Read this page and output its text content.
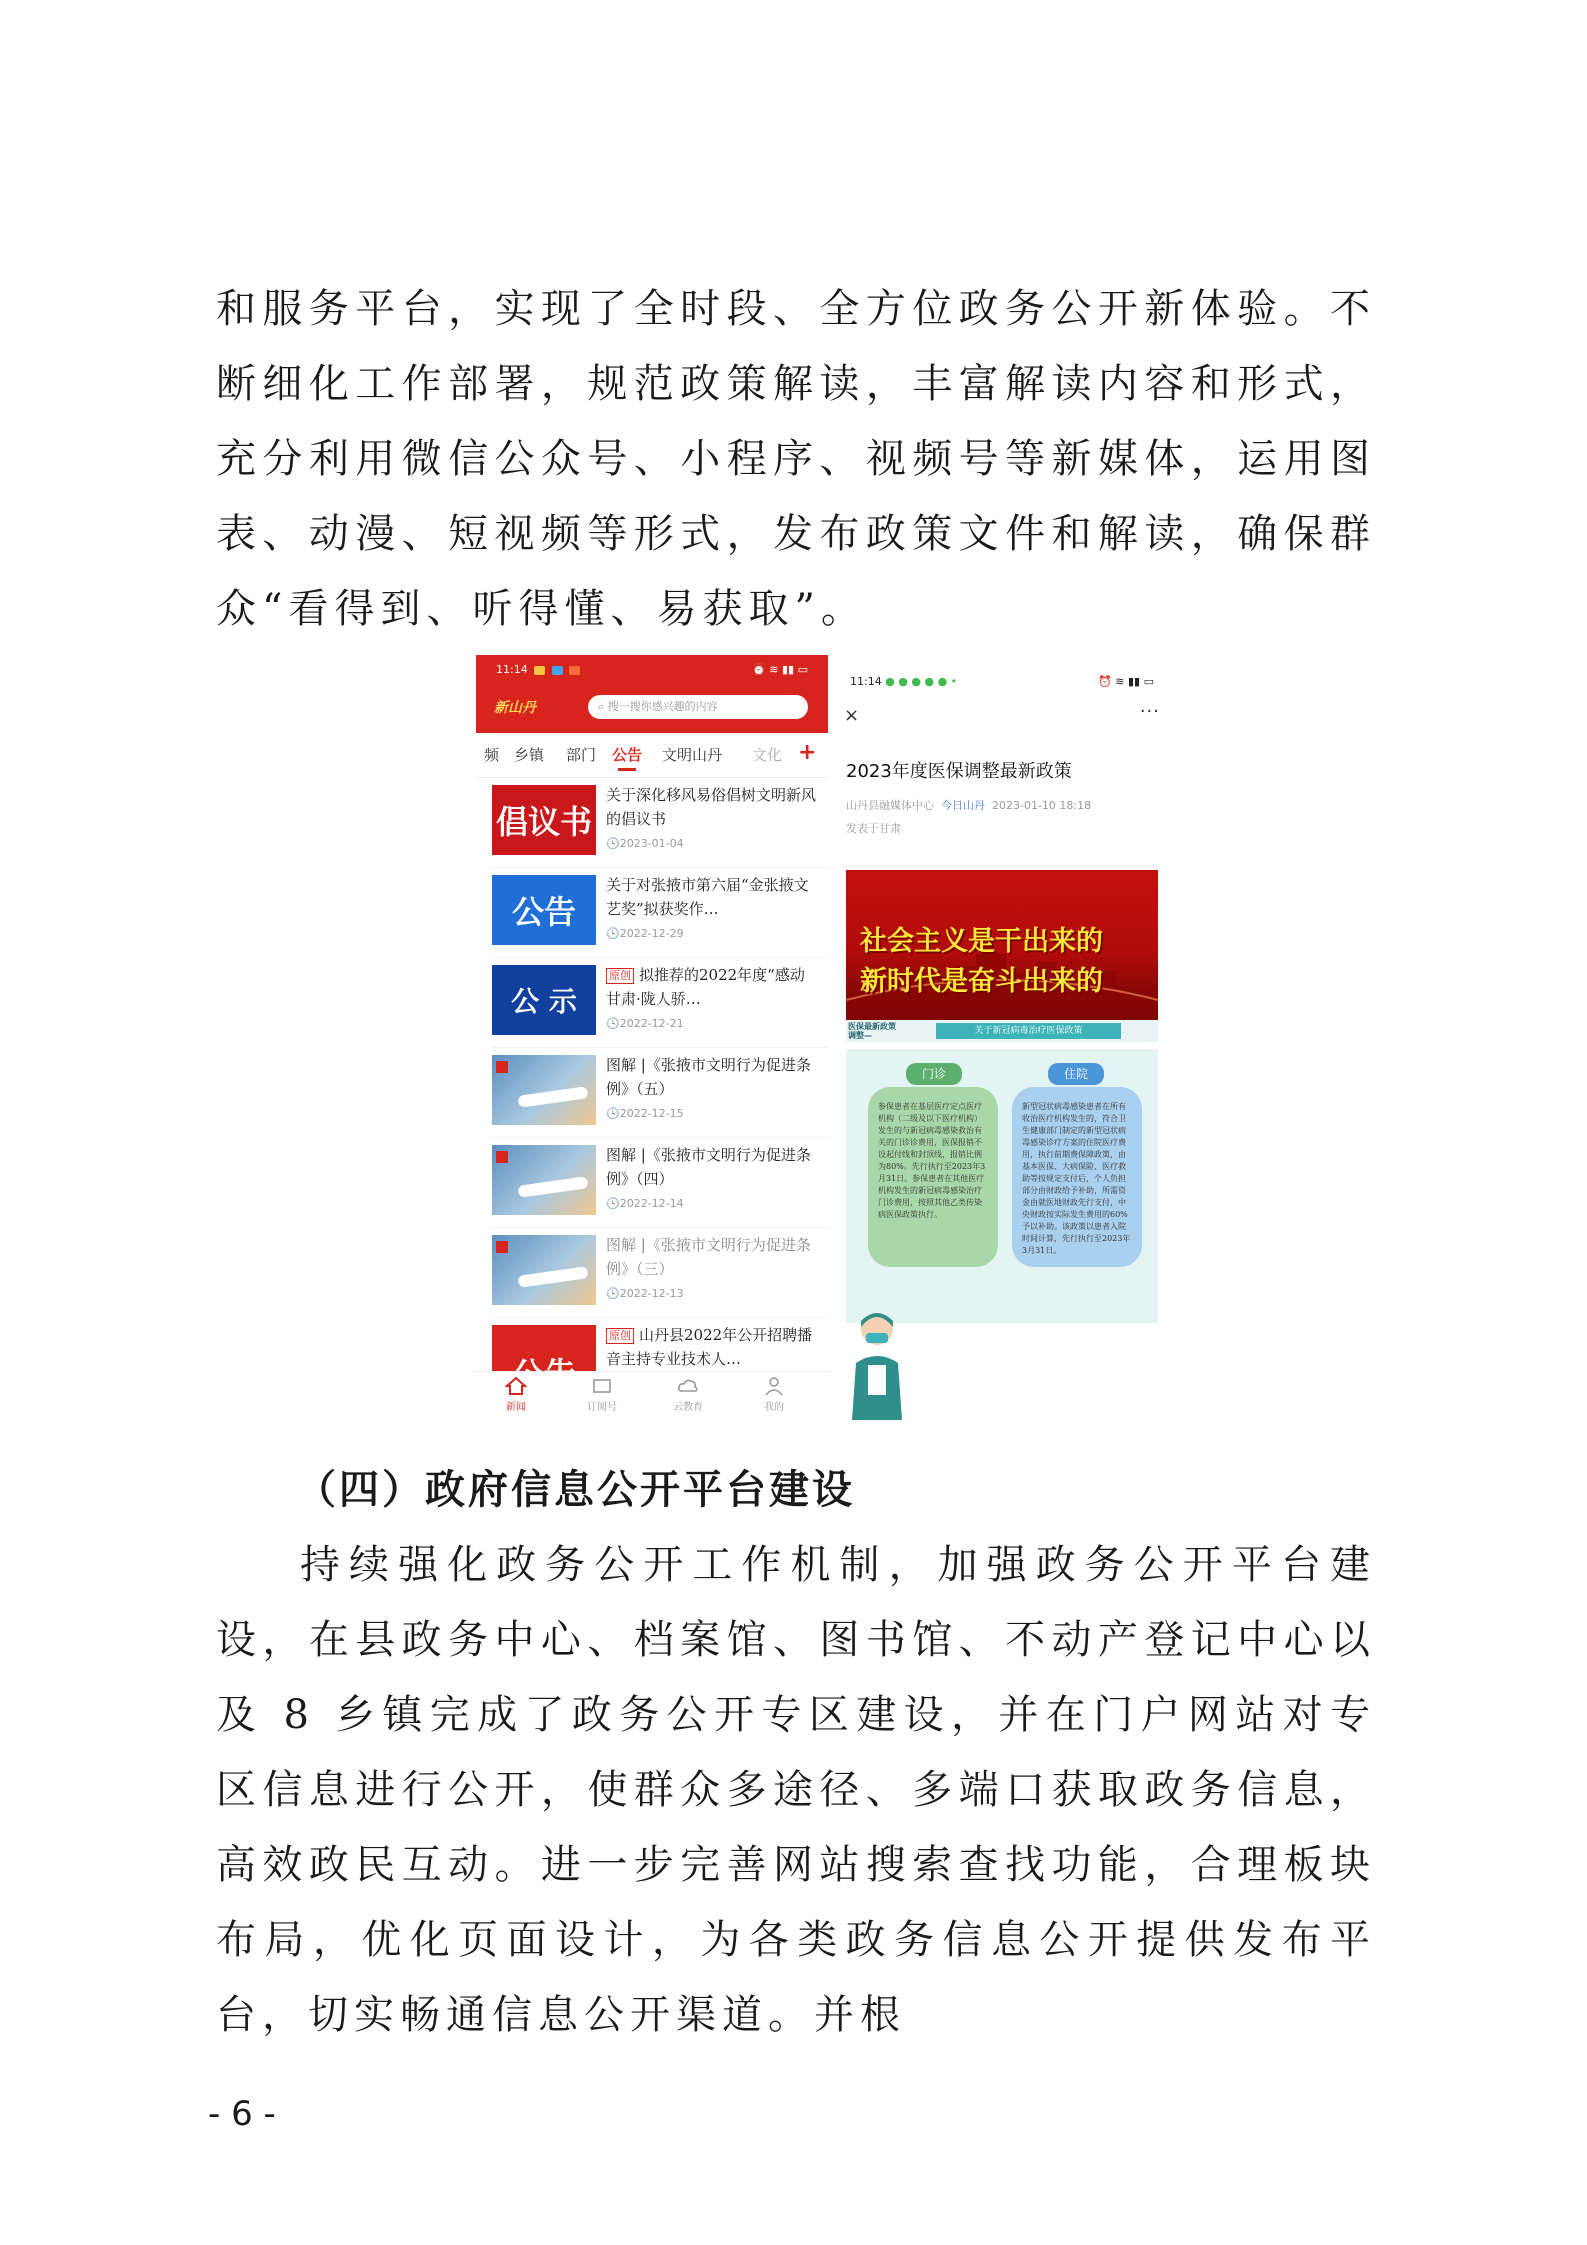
和服务平台，实现了全时段、全方位政务公开新体验。不断细化工作部署，规范政策解读，丰富解读内容和形式，充分利用微信公众号、小程序、视频号等新媒体，运用图表、动漫、短视频等形式，发布政策文件和解读，确保群众“看得到、听得懂、易获取”。
11:14	⏰ ≋ ▮▮ ▭
新山丹	⌕ 搜一搜你感兴趣的内容
频 乡镇 部门 公告 文明山丹 文化 +
倡议书
关于深化移风易俗倡树文明新风的倡议书
🕓2023-01-04
公告
关于对张掖市第六届“金张掖文艺奖”拟获奖作…
🕓2022-12-29
公 示
原创 拟推荐的2022年度“感动甘肃·陇人骄…
🕓2022-12-21
图解 |《张掖市文明行为促进条例》（五）
🕓2022-12-15
图解 |《张掖市文明行为促进条例》（四）
🕓2022-12-14
图解 |《张掖市文明行为促进条例》（三）
🕓2022-12-13
原创 山丹县2022年公开招聘播音主持专业技术人…
新闻	订阅号	云教育	我的
11:14 ● ● ● ● ● •	⏰ ≋ ▮▮ ▭
×	···
2023年度医保调整最新政策
山丹县融媒体中心 今日山丹 2023-01-10 18:18
发表于甘肃
社会主义是干出来的
新时代是奋斗出来的
医保最新政策调整—	关于新冠病毒治疗医保政策
门诊	住院
参保患者在基层医疗定点医疗机构（二级及以下医疗机构）发生的与新冠病毒感染救治有关的门诊诊费用，医保报销不设起付线和封顶线，报销比例为80%。先行执行至2023年3月31日。参保患者在其他医疗机构发生的新冠病毒感染治疗门诊费用，按照其他乙类传染病医保政策执行。
新型冠状病毒感染患者在所有收治医疗机构发生的，符合卫生健康部门制定的新型冠状病毒感染诊疗方案的住院医疗费用，执行前期费保障政策，由基本医保、大病保险、医疗救助等按规定支付后，个人负担部分由财政给予补助，所需资金由就医地财政先行支付，中央财政按实际发生费用的60%予以补助。该政策以患者入院时间计算，先行执行至2023年3月31日。
（四）政府信息公开平台建设
持续强化政务公开工作机制，加强政务公开平台建设，在县政务中心、档案馆、图书馆、不动产登记中心以及 8 乡镇完成了政务公开专区建设，并在门户网站对专区信息进行公开，使群众多途径、多端口获取政务信息，高效政民互动。进一步完善网站搜索查找功能，合理板块布局，优化页面设计，为各类政务信息公开提供发布平台，切实畅通信息公开渠道。并根
- 6 -
